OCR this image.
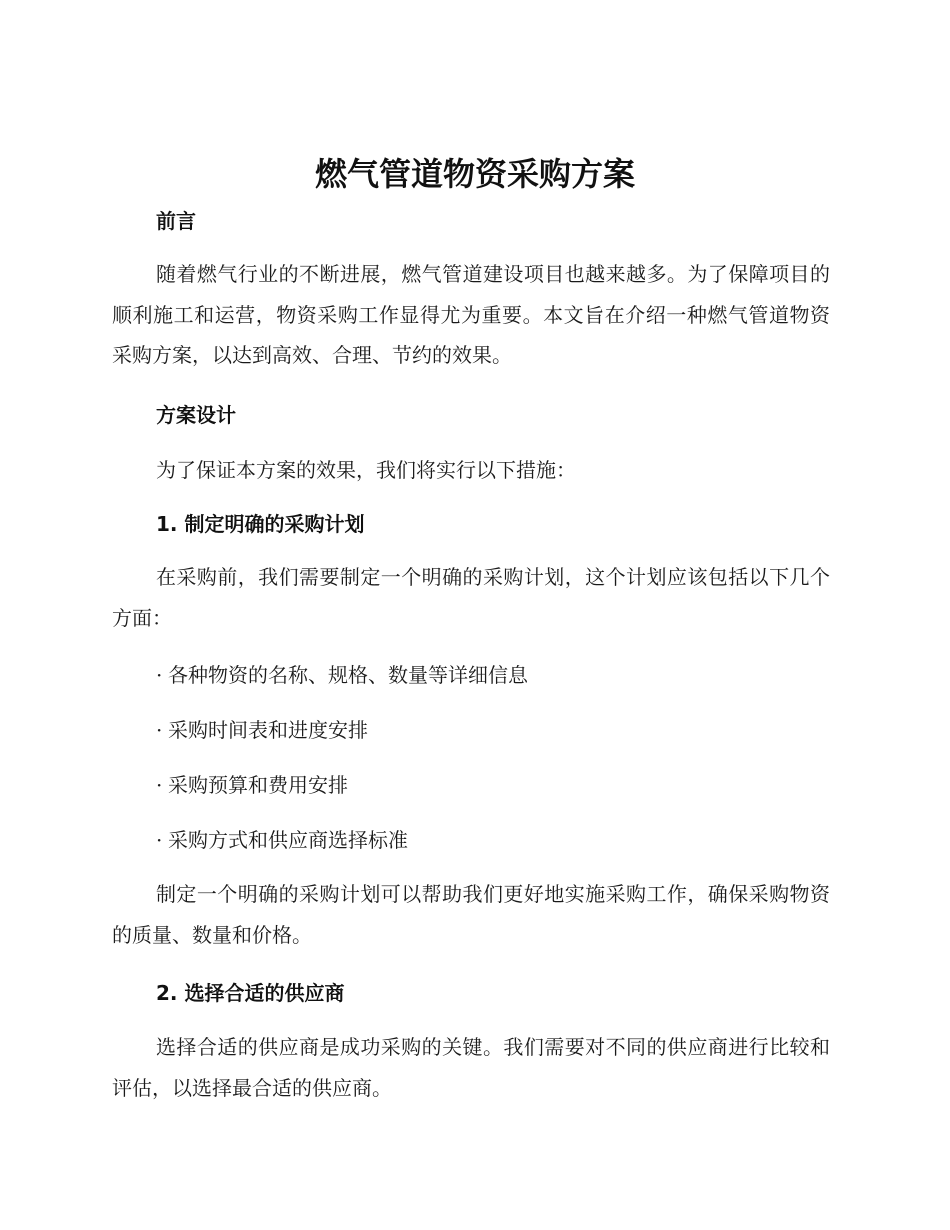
燃气管道物资采购方案
前言

随着燃气行业的不断进展，燃气管道建设项目也越来越多。为了保障项目的顺利施工和运营，物资采购工作显得尤为重要。本文旨在介绍一种燃气管道物资采购方案，以达到高效、合理、节约的效果。

方案设计
为了保证本方案的效果，我们将实行以下措施：
1. 制定明确的采购计划

在采购前，我们需要制定一个明确的采购计划，这个计划应该包括以下几个方面：

· 各种物资的名称、规格、数量等详细信息
· 采购时间表和进度安排
· 采购预算和费用安排
· 采购方式和供应商选择标准

制定一个明确的采购计划可以帮助我们更好地实施采购工作，确保采购物资的质量、数量和价格。

2. 选择合适的供应商

选择合适的供应商是成功采购的关键。我们需要对不同的供应商进行比较和评估，以选择最合适的供应商。
